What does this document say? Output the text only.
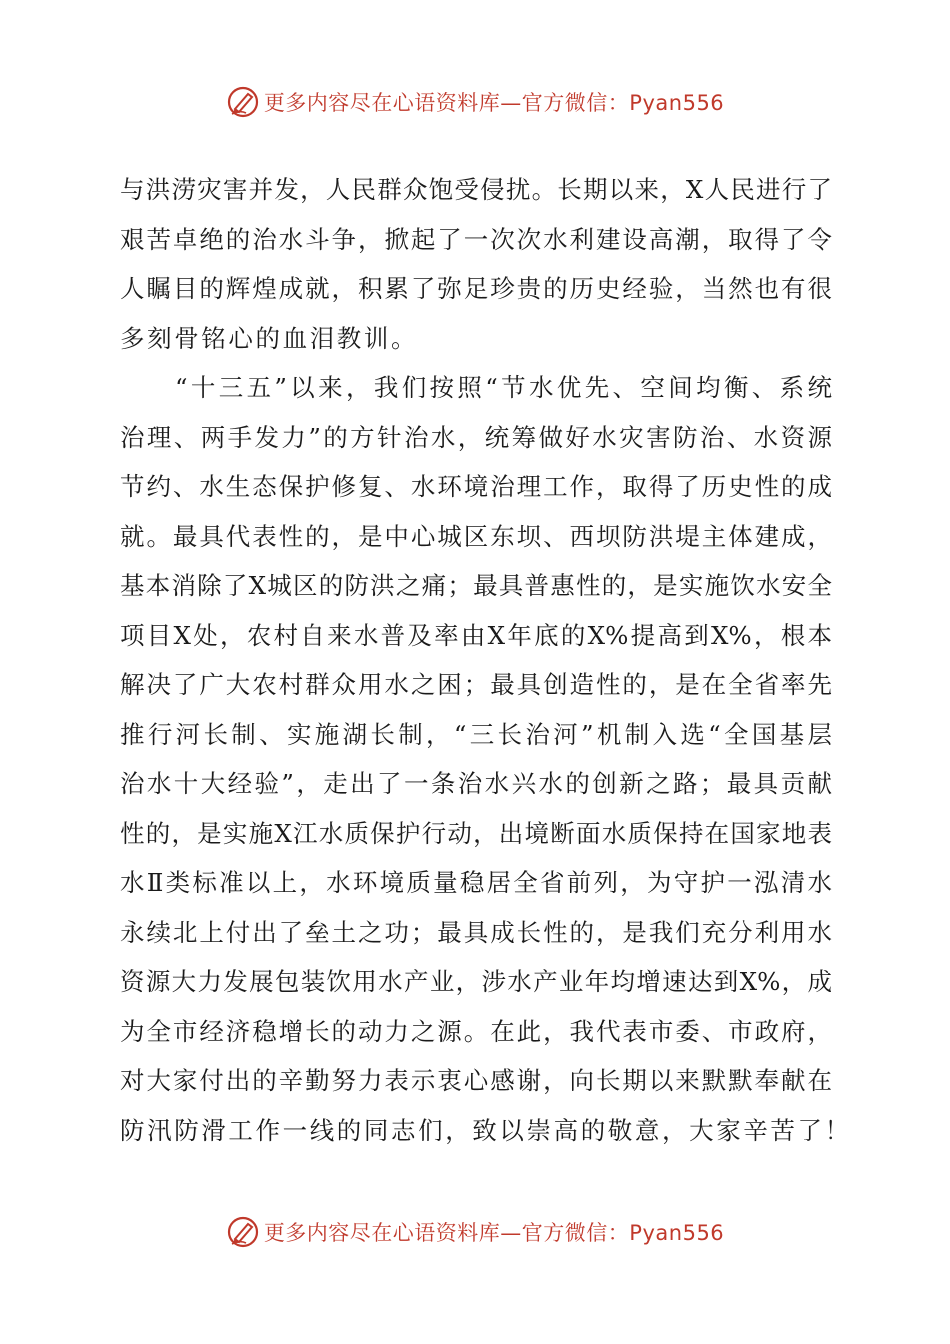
更多内容尽在心语资料库—官方微信：Pyan556
与洪涝灾害并发，人民群众饱受侵扰。长期以来，X人民进行了
艰苦卓绝的治水斗争，掀起了一次次水利建设高潮，取得了令
人瞩目的辉煌成就，积累了弥足珍贵的历史经验，当然也有很
多刻骨铭心的血泪教训。
“十三五”以来，我们按照“节水优先、空间均衡、系统
治理、两手发力”的方针治水，统筹做好水灾害防治、水资源
节约、水生态保护修复、水环境治理工作，取得了历史性的成
就。最具代表性的，是中心城区东坝、西坝防洪堤主体建成，
基本消除了X城区的防洪之痛；最具普惠性的，是实施饮水安全
项目X处，农村自来水普及率由X年底的X%提高到X%，根本
解决了广大农村群众用水之困；最具创造性的，是在全省率先
推行河长制、实施湖长制，“三长治河”机制入选“全国基层
治水十大经验”，走出了一条治水兴水的创新之路；最具贡献
性的，是实施X江水质保护行动，出境断面水质保持在国家地表
水Ⅱ类标准以上，水环境质量稳居全省前列，为守护一泓清水
永续北上付出了垒土之功；最具成长性的，是我们充分利用水
资源大力发展包装饮用水产业，涉水产业年均增速达到X%，成
为全市经济稳增长的动力之源。在此，我代表市委、市政府，
对大家付出的辛勤努力表示衷心感谢，向长期以来默默奉献在
防汛防滑工作一线的同志们，致以崇高的敬意，大家辛苦了！
更多内容尽在心语资料库—官方微信：Pyan556
